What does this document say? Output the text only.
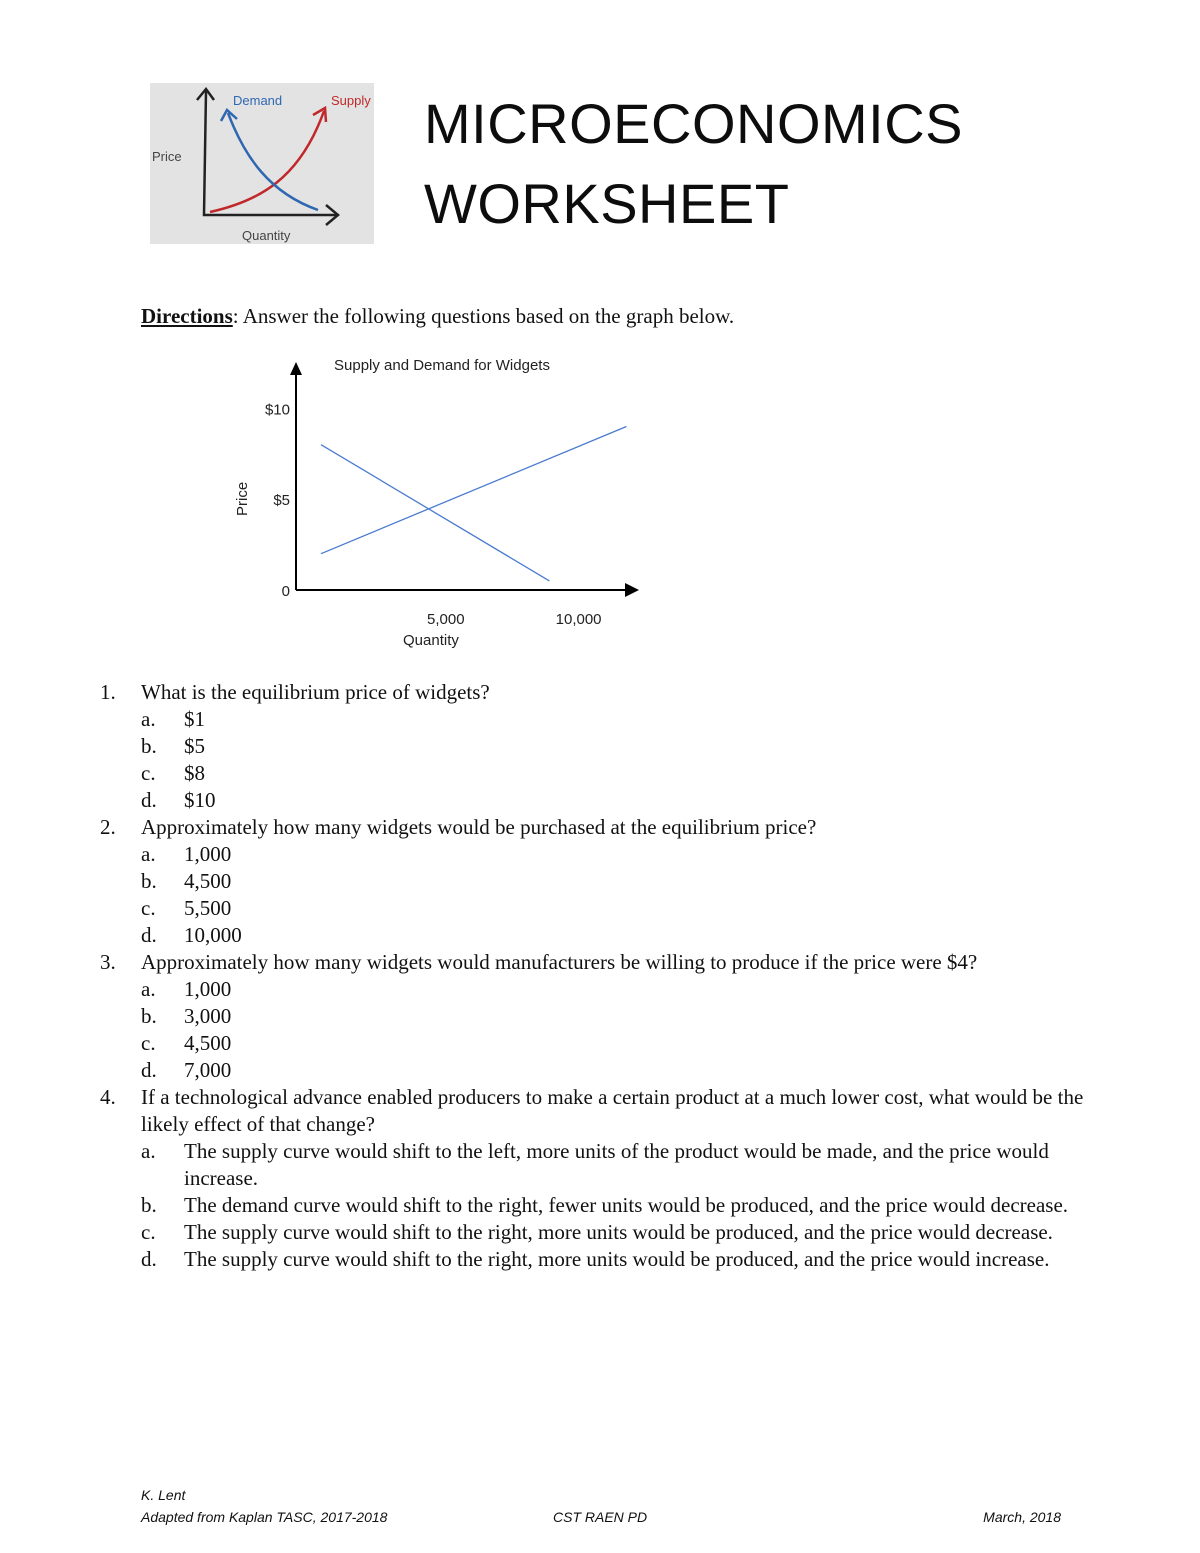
Demand	Supply
Price
Quantity
MICROECONOMICS
WORKSHEET
Directions: Answer the following questions based on the graph below.
Supply and Demand for Widgets
Price
Quantity
0
$5
$10
5,000	10,000
1.	What is the equilibrium price of widgets?
a.	$1
b.	$5
c.	$8
d.	$10
2.	Approximately how many widgets would be purchased at the equilibrium price?
a.	1,000
b.	4,500
c.	5,500
d.	10,000
3.	Approximately how many widgets would manufacturers be willing to produce if the price were $4?
a.	1,000
b.	3,000
c.	4,500
d.	7,000
4.	If a technological advance enabled producers to make a certain product at a much lower cost, what would be the likely effect of that change?
a.	The supply curve would shift to the left, more units of the product would be made, and the price would increase.
b.	The demand curve would shift to the right, fewer units would be produced, and the price would decrease.
c.	The supply curve would shift to the right, more units would be produced, and the price would decrease.
d.	The supply curve would shift to the right, more units would be produced, and the price would increase.
K. Lent
Adapted from Kaplan TASC, 2017-2018	CST RAEN PD	March, 2018
